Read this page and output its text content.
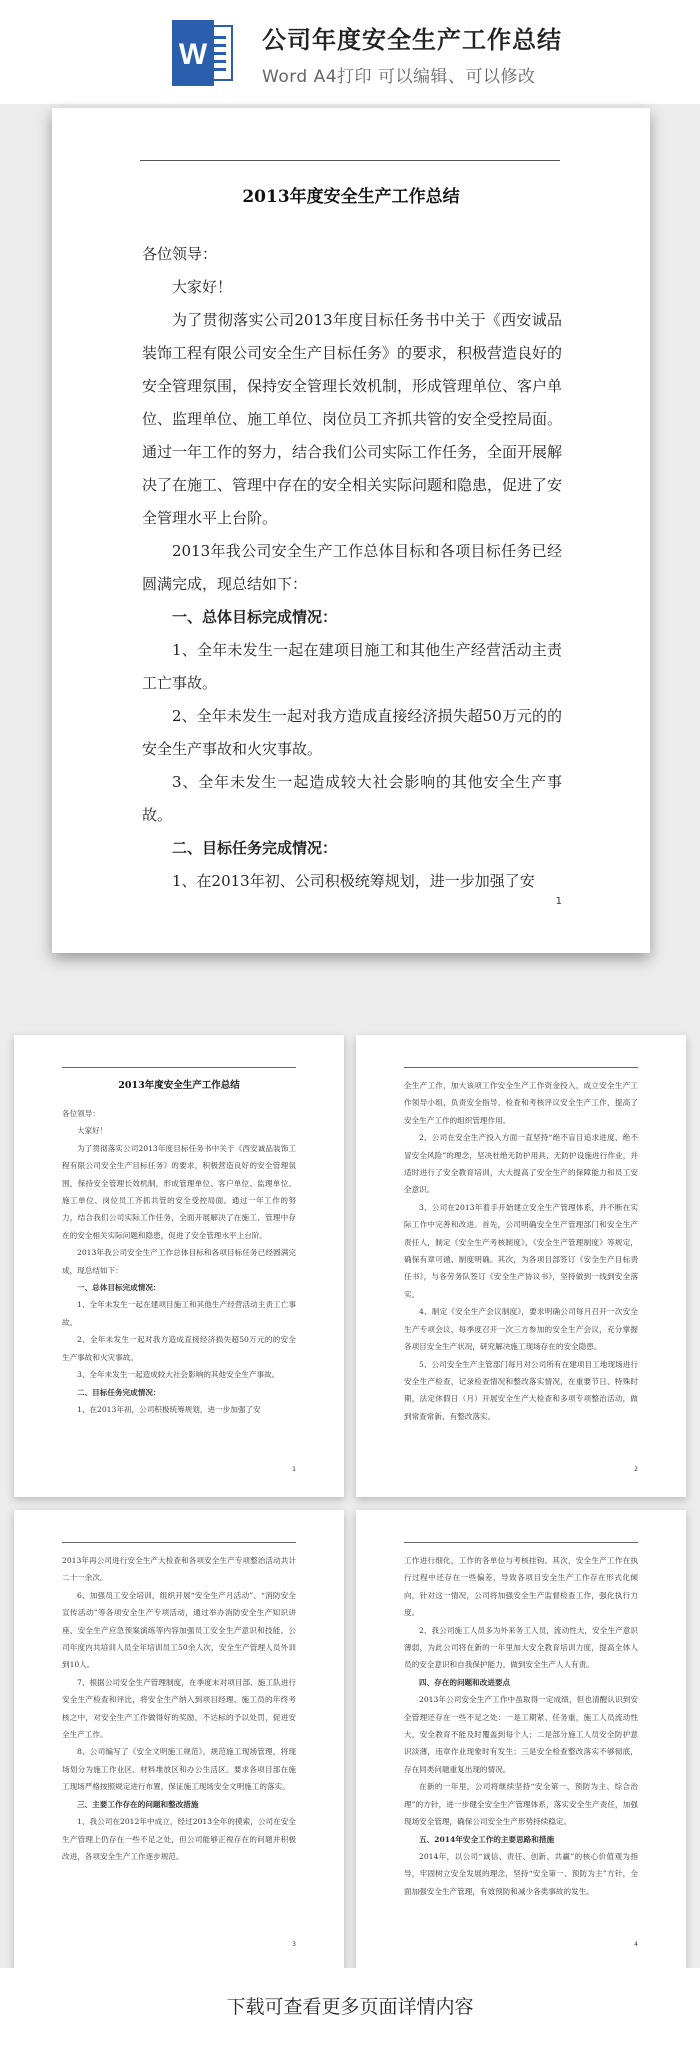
W 公司年度安全生产工作总结
Word A4打印 可以编辑、可以修改
2013年度安全生产工作总结

各位领导：

大家好！

为了贯彻落实公司2013年度目标任务书中关于《西安诚品装饰工程有限公司安全生产目标任务》的要求，积极营造良好的安全管理氛围，保持安全管理长效机制，形成管理单位、客户单位、监理单位、施工单位、岗位员工齐抓共管的安全受控局面。通过一年工作的努力，结合我们公司实际工作任务，全面开展解决了在施工、管理中存在的安全相关实际问题和隐患，促进了安全管理水平上台阶。

2013年我公司安全生产工作总体目标和各项目标任务已经圆满完成，现总结如下：

一、总体目标完成情况：

1、全年未发生一起在建项目施工和其他生产经营活动主责工亡事故。

2、全年未发生一起对我方造成直接经济损失超50万元的的安全生产事故和火灾事故。

3、全年未发生一起造成较大社会影响的其他安全生产事故。

二、目标任务完成情况：

1、在2013年初、公司积极统筹规划，进一步加强了安

1
2013年度安全生产工作总结

各位领导：

大家好！

为了贯彻落实公司2013年度目标任务书中关于《西安诚品装饰工程有限公司安全生产目标任务》的要求，积极营造良好的安全管理氛围，保持安全管理长效机制，形成管理单位、客户单位、监理单位、施工单位、岗位员工齐抓共管的安全受控局面。通过一年工作的努力，结合我们公司实际工作任务，全面开展解决了在施工、管理中存在的安全相关实际问题和隐患，促进了安全管理水平上台阶。

2013年我公司安全生产工作总体目标和各项目标任务已经圆满完成，现总结如下：

一、总体目标完成情况：

1、全年未发生一起在建项目施工和其他生产经营活动主责工亡事故。

2、全年未发生一起对我方造成直接经济损失超50万元的的安全生产事故和火灾事故。

3、全年未发生一起造成较大社会影响的其他安全生产事故。

二、目标任务完成情况：

1、在2013年初，公司积极统筹规划，进一步加强了安

1

全生产工作，加大该项工作安全生产工作资金投入，成立安全生产工作领导小组，负责安全指导、检查和考核评议安全生产工作，提高了安全生产工作的组织管理作用。

2、公司在安全生产投入方面一直坚持“绝不盲目追求进度、绝不冒安全风险”的理念，坚决杜绝无防护用具、无防护设施进行作业，并适时进行了安全教育培训，大大提高了安全生产的保障能力和员工安全意识。

3、公司在2013年着手开始建立安全生产管理体系，并不断在实际工作中完善和改进。首先，公司明确安全生产管理部门和安全生产责任人，制定《安全生产考核制度》、《安全生产管理制度》等规定，确保有章可循、制度明确。其次，为各项目部签订《安全生产目标责任书》，与各劳务队签订《安全生产协议书》，坚持做到一线到安全落实。

4、制定《安全生产会议制度》，要求明确公司每月召开一次安全生产专项会议，每季度召开一次三方参加的安全生产会议，充分掌握各项目安全生产状况，研究解决施工现场存在的安全隐患。

5、公司安全生产主管部门每月对公司所有在建项目工地现场进行安全生产检查，记录检查情况和整改落实情况，在重要节日、特殊时期，法定休假日（月）开展安全生产大检查和多项专项整治活动，做到常查常新、有整改落实。

2

2013年再公司进行安全生产大检查和各项安全生产专项整治活动共计二十一余次。

6、加强员工安全培训，组织开展“安全生产月活动”、“消防安全宣传活动”等各项安全生产专项活动，通过举办消防安全生产知识讲座、安全生产应急预案演练等内容加强员工安全生产意识和技能。公司年度内共培训人员全年培训员工50余人次，安全生产管理人员外训到10人。

7、根据公司安全生产管理制度，在季度末对项目部、施工队进行安全生产检查和评比，将安全生产纳入到项目经理、施工员的年终考核之中，对安全生产工作做得好的奖励，不达标的予以处罚，促进安全生产工作。

8、公司编写了《安全文明施工规范》，规范施工现场管理，将现场划分为施工作业区、材料堆放区和办公生活区。要求各项目部在施工现场严格按照规定进行布置，保证施工现场安全文明施工的落实。

三、主要工作存在的问题和整改措施

1、我公司在2012年中成立，经过2013全年的摸索，公司在安全生产管理上仍存在一些不足之处，但公司能够正视存在的问题并积极改进，各项安全生产工作逐步规范。

3

工作进行细化，工作的各单位与考核挂钩。其次，安全生产工作在执行过程中还存在一些偏差，导致各项目安全生产工作存在形式化倾向，针对这一情况，公司将加强安全生产监督检查工作，强化执行力度。

2、我公司施工人员多为外来务工人员，流动性大，安全生产意识薄弱，为此公司将在新的一年里加大安全教育培训力度，提高全体人员的安全意识和自我保护能力，做到安全生产人人有责。

四、存在的问题和改进要点

2013年公司安全生产工作中虽取得一定成绩，但也清醒认识到安全管理还存在一些不足之处：一是工期紧、任务重，施工人员流动性大，安全教育不能及时覆盖到每个人；二是部分施工人员安全防护意识淡薄，违章作业现象时有发生；三是安全检查整改落实不够彻底，存在同类问题重复出现的情况。

在新的一年里，公司将继续坚持“安全第一、预防为主、综合治理”的方针，进一步健全安全生产管理体系，落实安全生产责任，加强现场安全管理，确保公司安全生产形势持续稳定。

五、2014年安全工作的主要思路和措施

2014年，以公司“诚信、责任、创新、共赢”的核心价值观为指导，牢固树立安全发展的理念，坚持“安全第一、预防为主”方针，全面加强安全生产管理，有效预防和减少各类事故的发生。

4
下载可查看更多页面详情内容
